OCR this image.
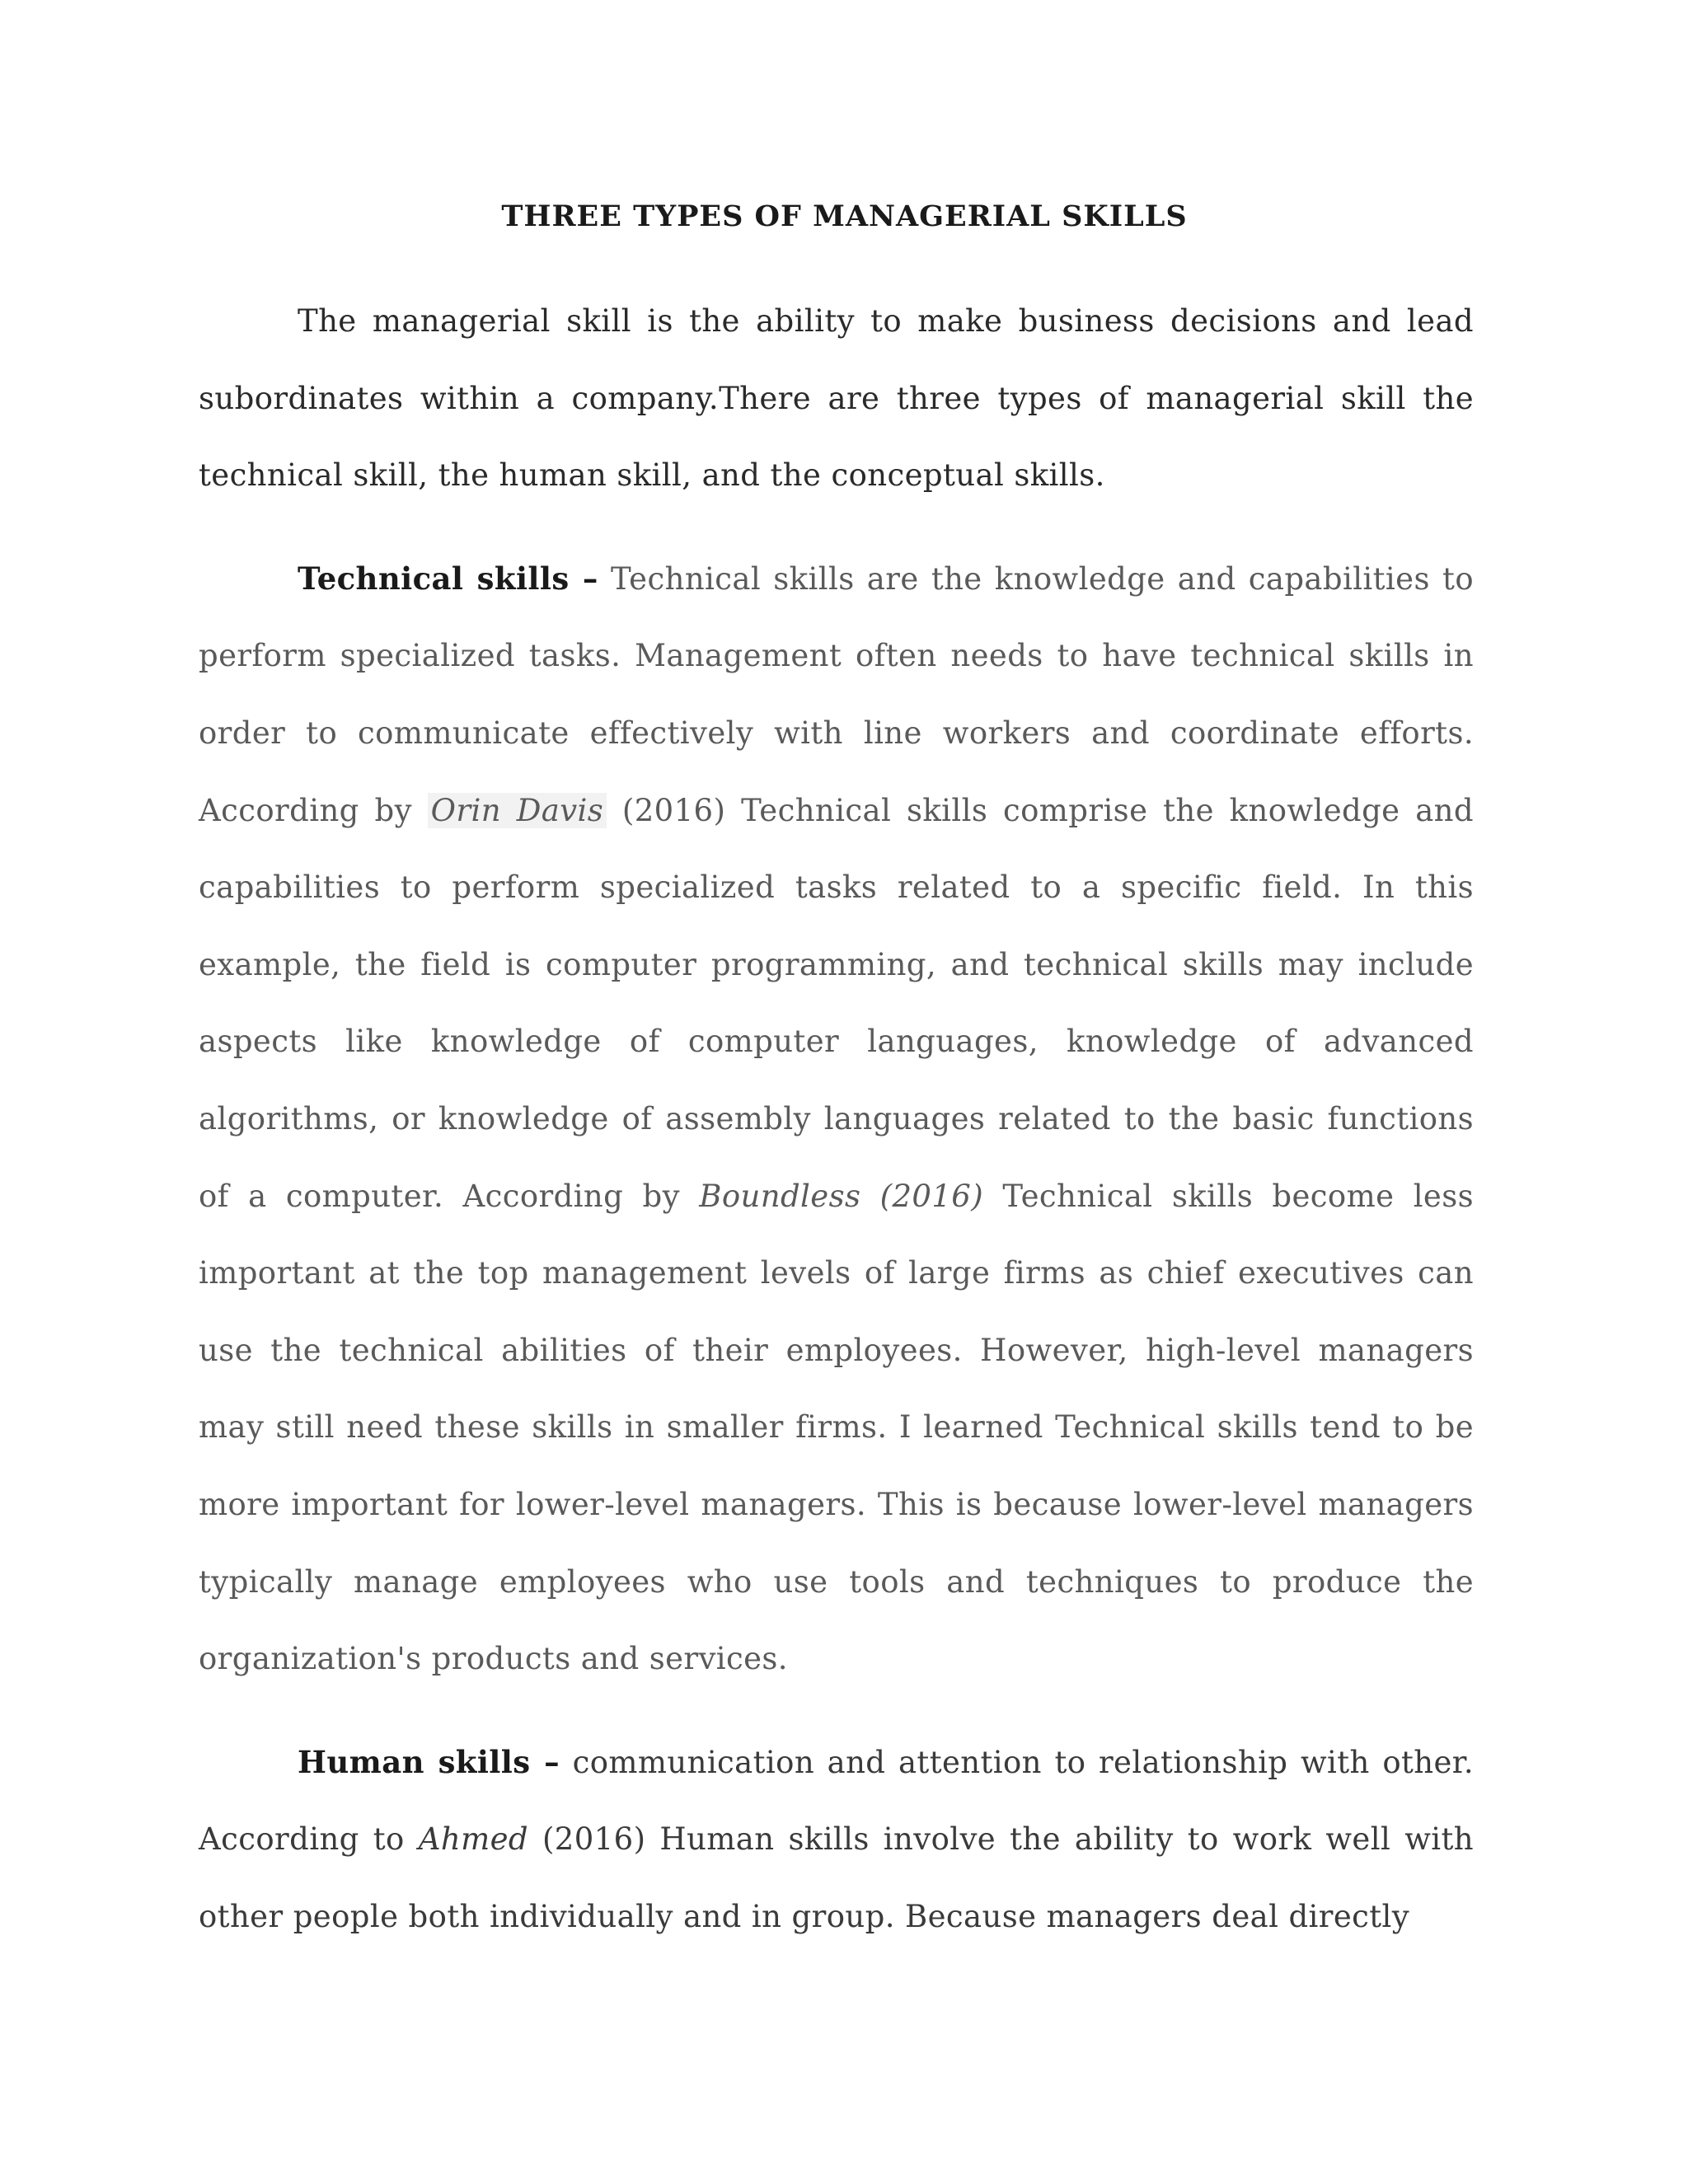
THREE TYPES OF MANAGERIAL SKILLS

The managerial skill is the ability to make business decisions and lead subordinates within a company.There are three types of managerial skill the technical skill, the human skill, and the conceptual skills.

Technical skills – Technical skills are the knowledge and capabilities to perform specialized tasks. Management often needs to have technical skills in order to communicate effectively with line workers and coordinate efforts. According by Orin Davis (2016) Technical skills comprise the knowledge and capabilities to perform specialized tasks related to a specific field. In this example, the field is computer programming, and technical skills may include aspects like knowledge of computer languages, knowledge of advanced algorithms, or knowledge of assembly languages related to the basic functions of a computer. According by Boundless (2016) Technical skills become less important at the top management levels of large firms as chief executives can use the technical abilities of their employees. However, high-level managers may still need these skills in smaller firms. I learned Technical skills tend to be more important for lower-level managers. This is because lower-level managers typically manage employees who use tools and techniques to produce the organization's products and services.

Human skills – communication and attention to relationship with other. According to Ahmed (2016) Human skills involve the ability to work well with other people both individually and in group. Because managers deal directly
